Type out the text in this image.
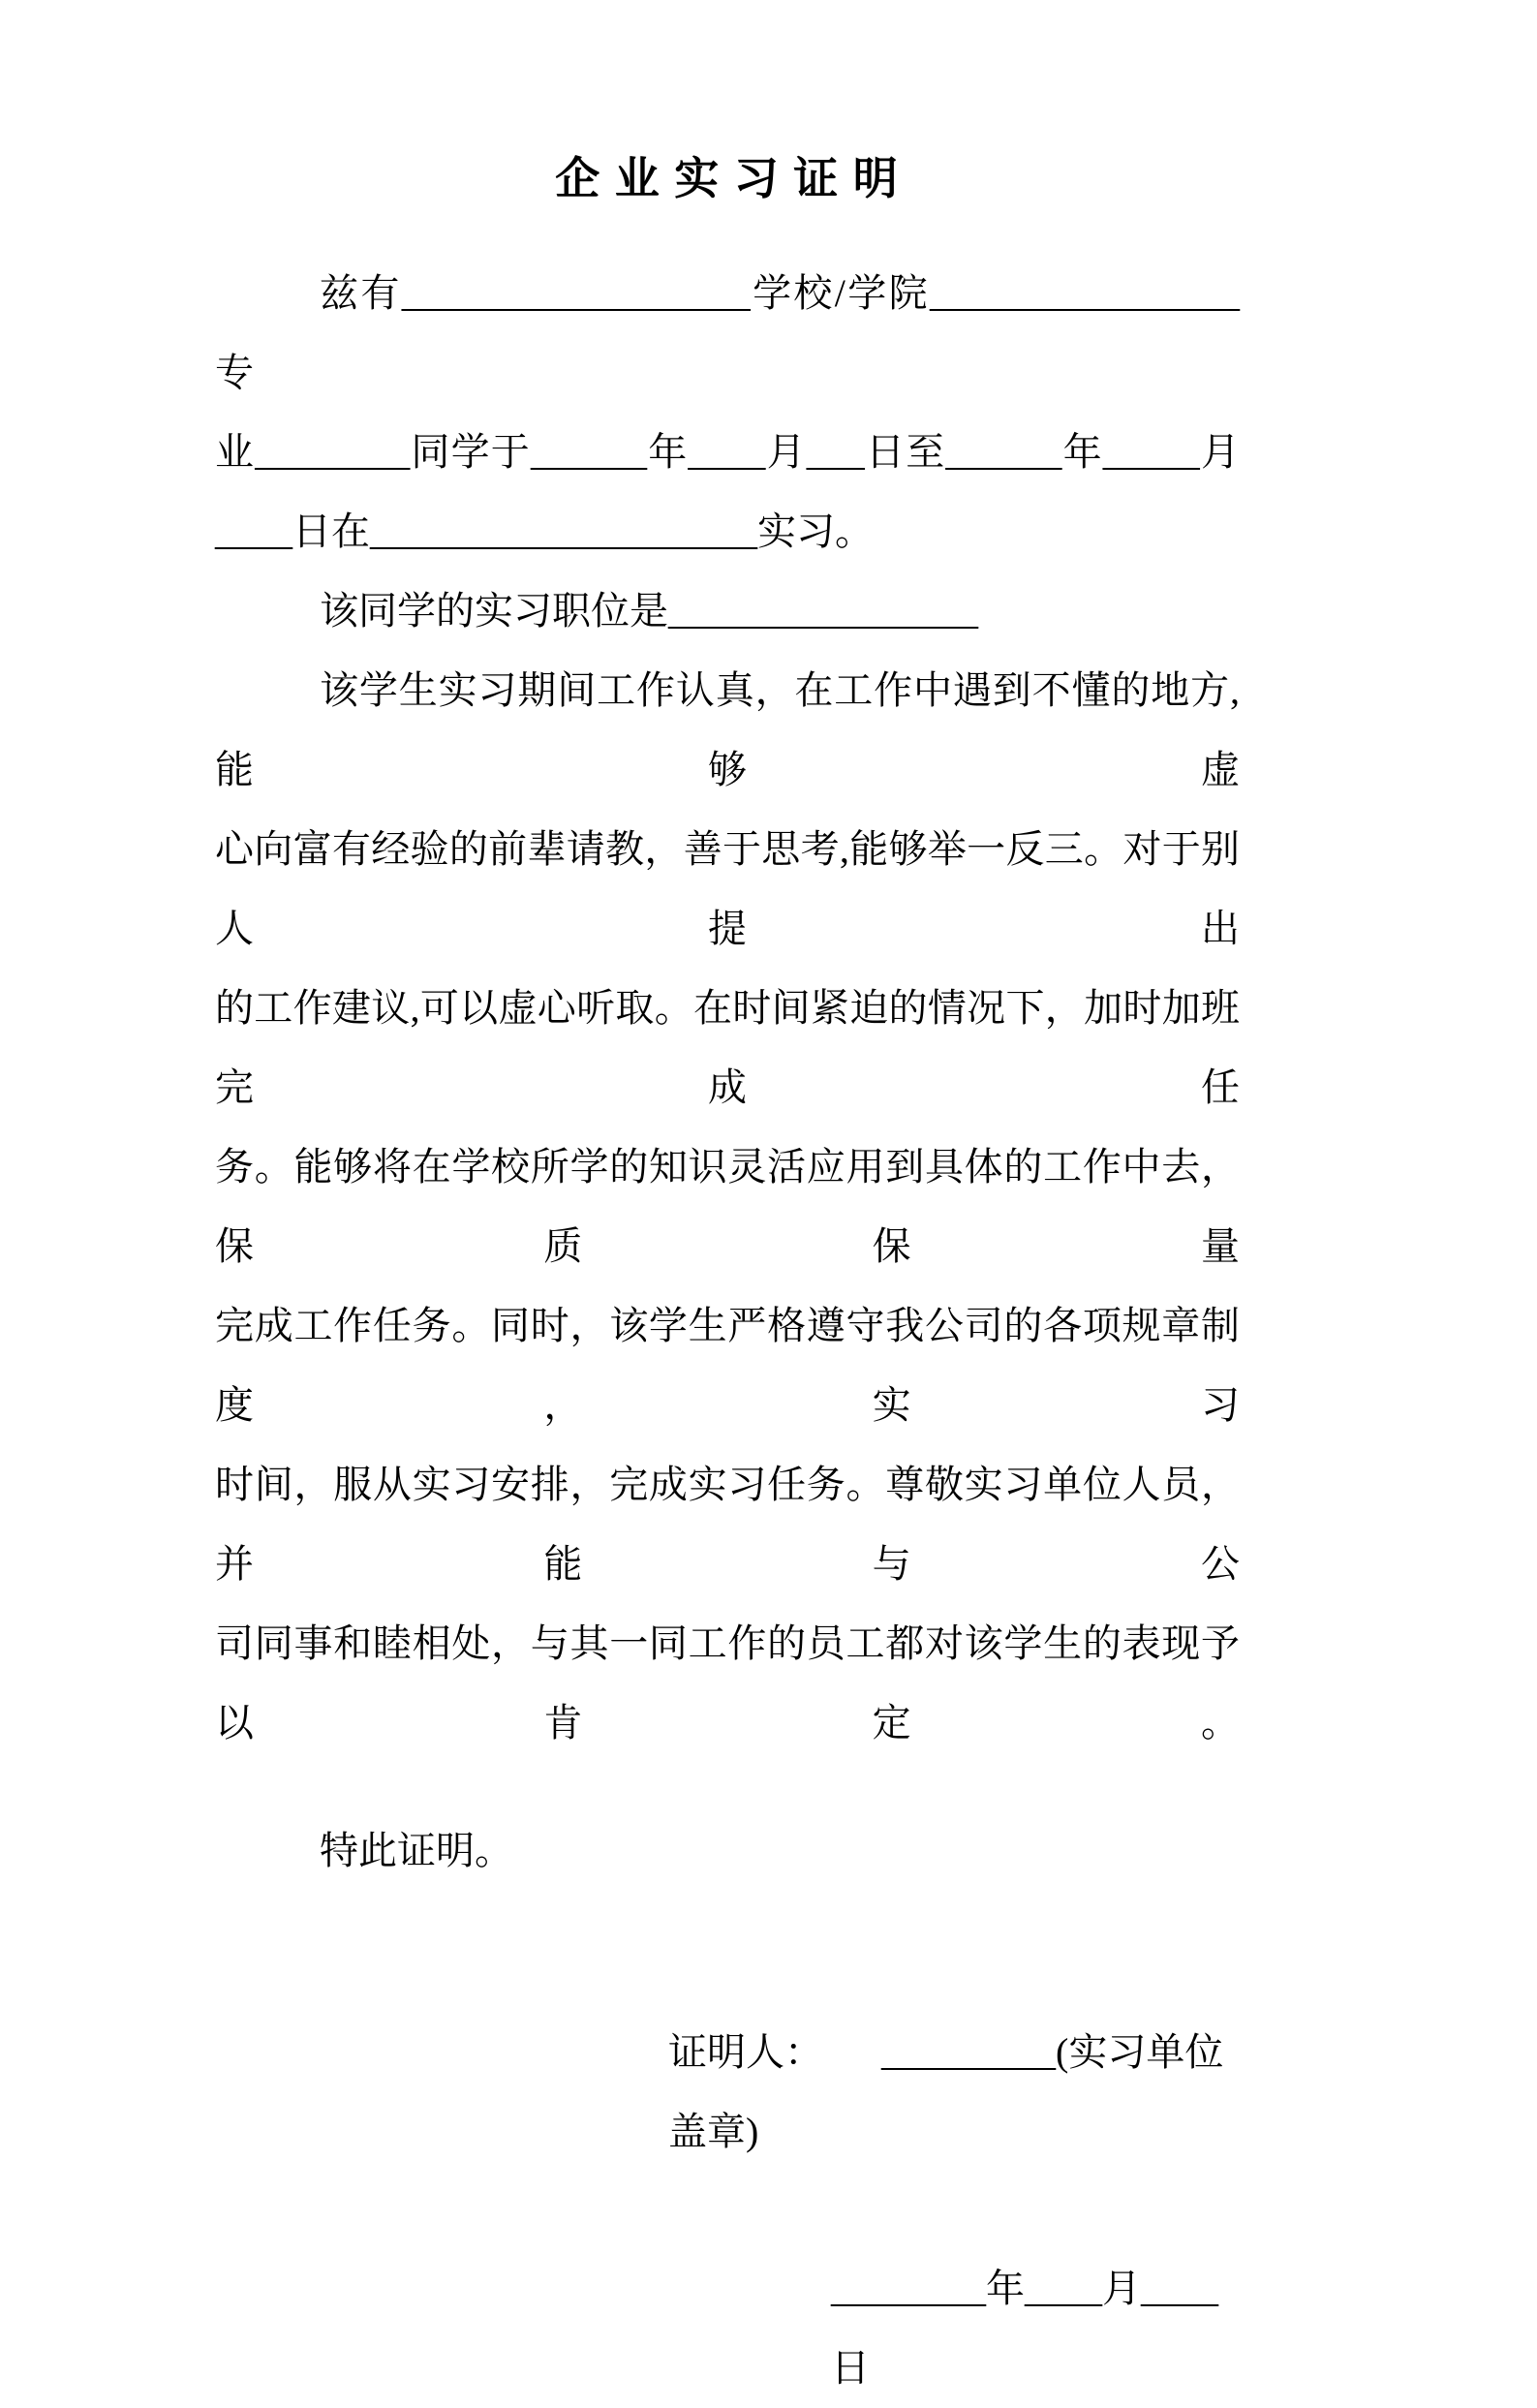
企 业 实 习 证 明
兹有__________________学校/学院________________专
业________同学于______年____月___日至______年_____月
____日在____________________实习。
该同学的实习职位是________________
该学生实习期间工作认真，在工作中遇到不懂的地方,能够虚
心向富有经验的前辈请教，善于思考,能够举一反三。对于别人提出
的工作建议,可以虚心听取。在时间紧迫的情况下，加时加班完成任
务。能够将在学校所学的知识灵活应用到具体的工作中去，保质保量
完成工作任务。同时，该学生严格遵守我公司的各项规章制度，实习
时间，服从实习安排，完成实习任务。尊敬实习单位人员，并能与公
司同事和睦相处，与其一同工作的员工都对该学生的表现予以肯定。
特此证明。
证明人：      _________(实习单位盖章)
________年____月____日
